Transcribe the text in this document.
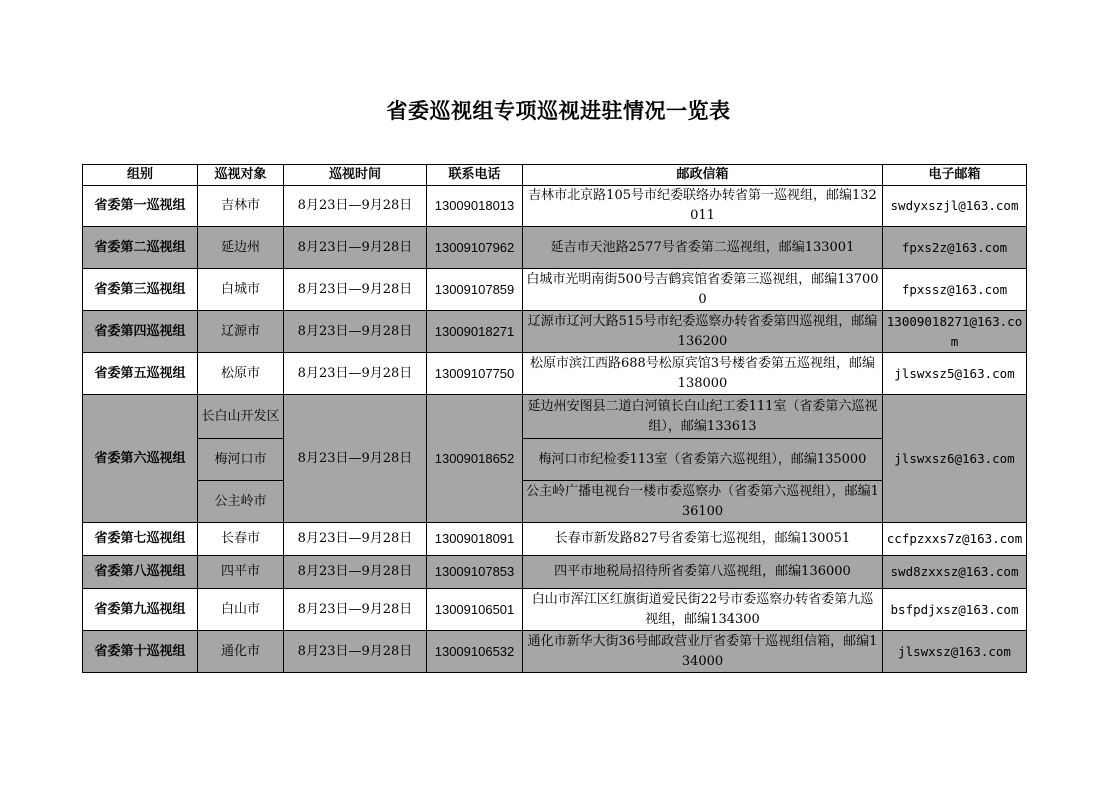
省委巡视组专项巡视进驻情况一览表
组别	巡视对象	巡视时间	联系电话	邮政信箱	电子邮箱
省委第一巡视组	吉林市	8月23日—9月28日	13009018013	吉林市北京路105号市纪委联络办转省第一巡视组，邮编132011	swdyxszjl@163.com
省委第二巡视组	延边州	8月23日—9月28日	13009107962	延吉市天池路2577号省委第二巡视组，邮编133001	fpxs2z@163.com
省委第三巡视组	白城市	8月23日—9月28日	13009107859	白城市光明南街500号吉鹤宾馆省委第三巡视组，邮编137000	fpxssz@163.com
省委第四巡视组	辽源市	8月23日—9月28日	13009018271	辽源市辽河大路515号市纪委巡察办转省委第四巡视组，邮编136200	13009018271@163.com
省委第五巡视组	松原市	8月23日—9月28日	13009107750	松原市滨江西路688号松原宾馆3号楼省委第五巡视组，邮编138000	jlswxsz5@163.com
省委第六巡视组	长白山开发区	8月23日—9月28日	13009018652	延边州安图县二道白河镇长白山纪工委111室（省委第六巡视组），邮编133613	jlswxsz6@163.com
	梅河口市			梅河口市纪检委113室（省委第六巡视组），邮编135000	
	公主岭市			公主岭广播电视台一楼市委巡察办（省委第六巡视组），邮编136100	
省委第七巡视组	长春市	8月23日—9月28日	13009018091	长春市新发路827号省委第七巡视组，邮编130051	ccfpzxxs7z@163.com
省委第八巡视组	四平市	8月23日—9月28日	13009107853	四平市地税局招待所省委第八巡视组，邮编136000	swd8zxxsz@163.com
省委第九巡视组	白山市	8月23日—9月28日	13009106501	白山市浑江区红旗街道爱民街22号市委巡察办转省委第九巡视组，邮编134300	bsfpdjxsz@163.com
省委第十巡视组	通化市	8月23日—9月28日	13009106532	通化市新华大街36号邮政营业厅省委第十巡视组信箱，邮编134000	jlswxsz@163.com
